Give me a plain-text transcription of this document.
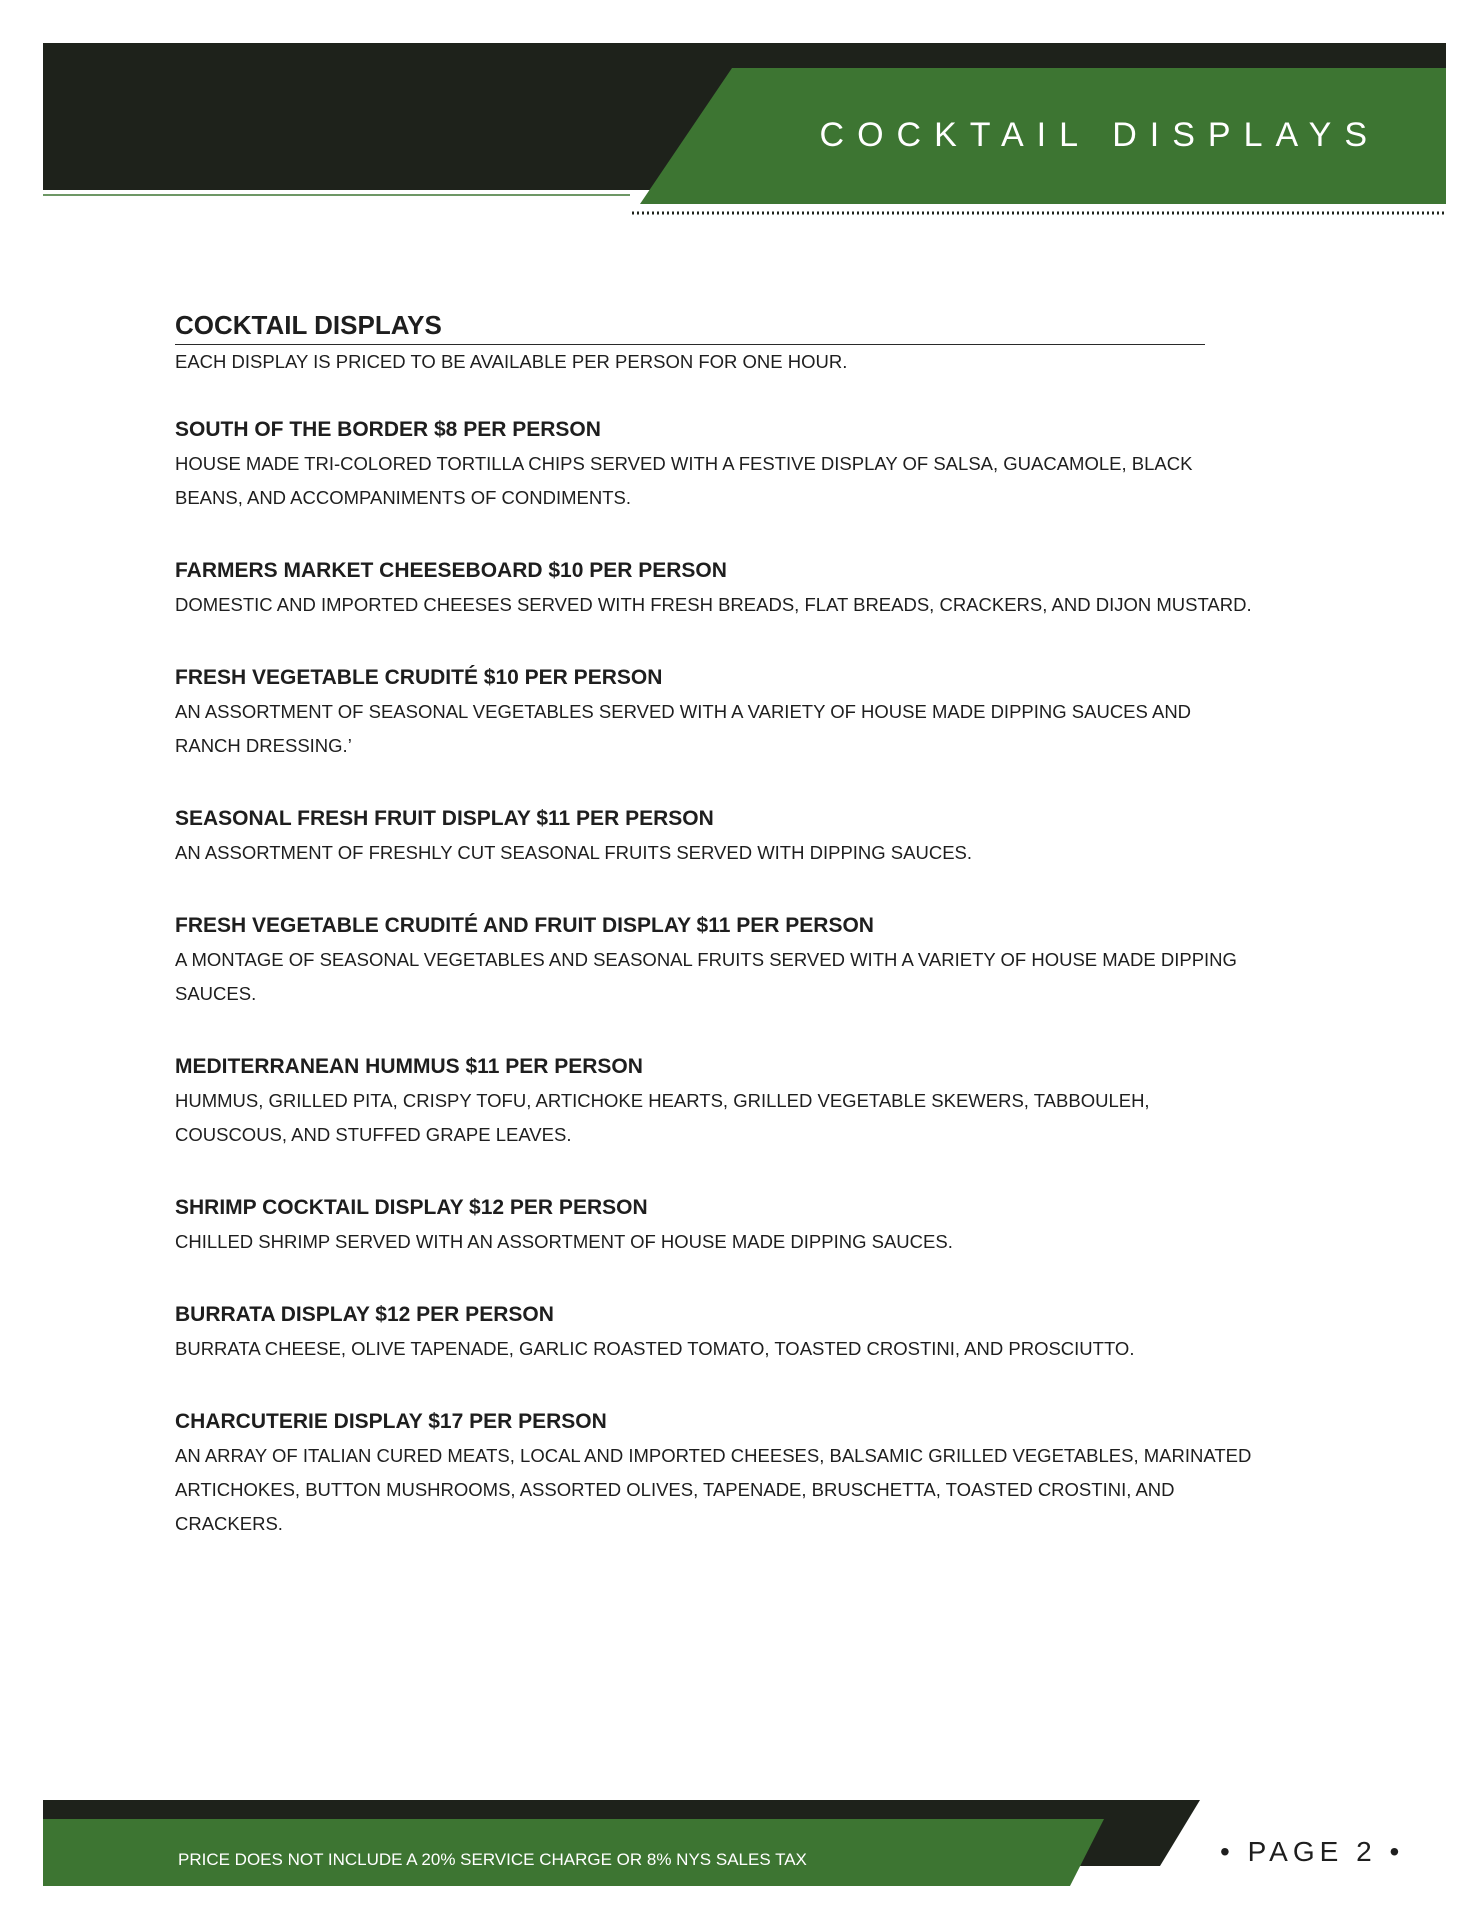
COCKTAIL DISPLAYS
COCKTAIL DISPLAYS
EACH DISPLAY IS PRICED TO BE AVAILABLE PER PERSON FOR ONE HOUR.
SOUTH OF THE BORDER $8 PER PERSON
HOUSE MADE TRI-COLORED TORTILLA CHIPS SERVED WITH A FESTIVE DISPLAY OF SALSA, GUACAMOLE, BLACK BEANS, AND ACCOMPANIMENTS OF CONDIMENTS.
FARMERS MARKET CHEESEBOARD $10 PER PERSON
DOMESTIC AND IMPORTED CHEESES SERVED WITH FRESH BREADS, FLAT BREADS, CRACKERS, AND DIJON MUSTARD.
FRESH VEGETABLE CRUDITÉ $10 PER PERSON
AN ASSORTMENT OF SEASONAL VEGETABLES SERVED WITH A VARIETY OF HOUSE MADE DIPPING SAUCES AND RANCH DRESSING.’
SEASONAL FRESH FRUIT DISPLAY $11 PER PERSON
AN ASSORTMENT OF FRESHLY CUT SEASONAL FRUITS SERVED WITH DIPPING SAUCES.
FRESH VEGETABLE CRUDITÉ AND FRUIT DISPLAY $11 PER PERSON
A MONTAGE OF SEASONAL VEGETABLES AND SEASONAL FRUITS SERVED WITH A VARIETY OF HOUSE MADE DIPPING SAUCES.
MEDITERRANEAN HUMMUS $11 PER PERSON
HUMMUS, GRILLED PITA, CRISPY TOFU, ARTICHOKE HEARTS, GRILLED VEGETABLE SKEWERS, TABBOULEH, COUSCOUS, AND STUFFED GRAPE LEAVES.
SHRIMP COCKTAIL DISPLAY $12 PER PERSON
CHILLED SHRIMP SERVED WITH AN ASSORTMENT OF HOUSE MADE DIPPING SAUCES.
BURRATA DISPLAY $12 PER PERSON
BURRATA CHEESE, OLIVE TAPENADE, GARLIC ROASTED TOMATO, TOASTED CROSTINI, AND PROSCIUTTO.
CHARCUTERIE DISPLAY $17 PER PERSON
AN ARRAY OF ITALIAN CURED MEATS, LOCAL AND IMPORTED CHEESES, BALSAMIC GRILLED VEGETABLES, MARINATED ARTICHOKES, BUTTON MUSHROOMS, ASSORTED OLIVES, TAPENADE, BRUSCHETTA, TOASTED CROSTINI, AND CRACKERS.
PRICE DOES NOT INCLUDE A 20% SERVICE CHARGE OR 8% NYS SALES TAX	• PAGE 2 •
